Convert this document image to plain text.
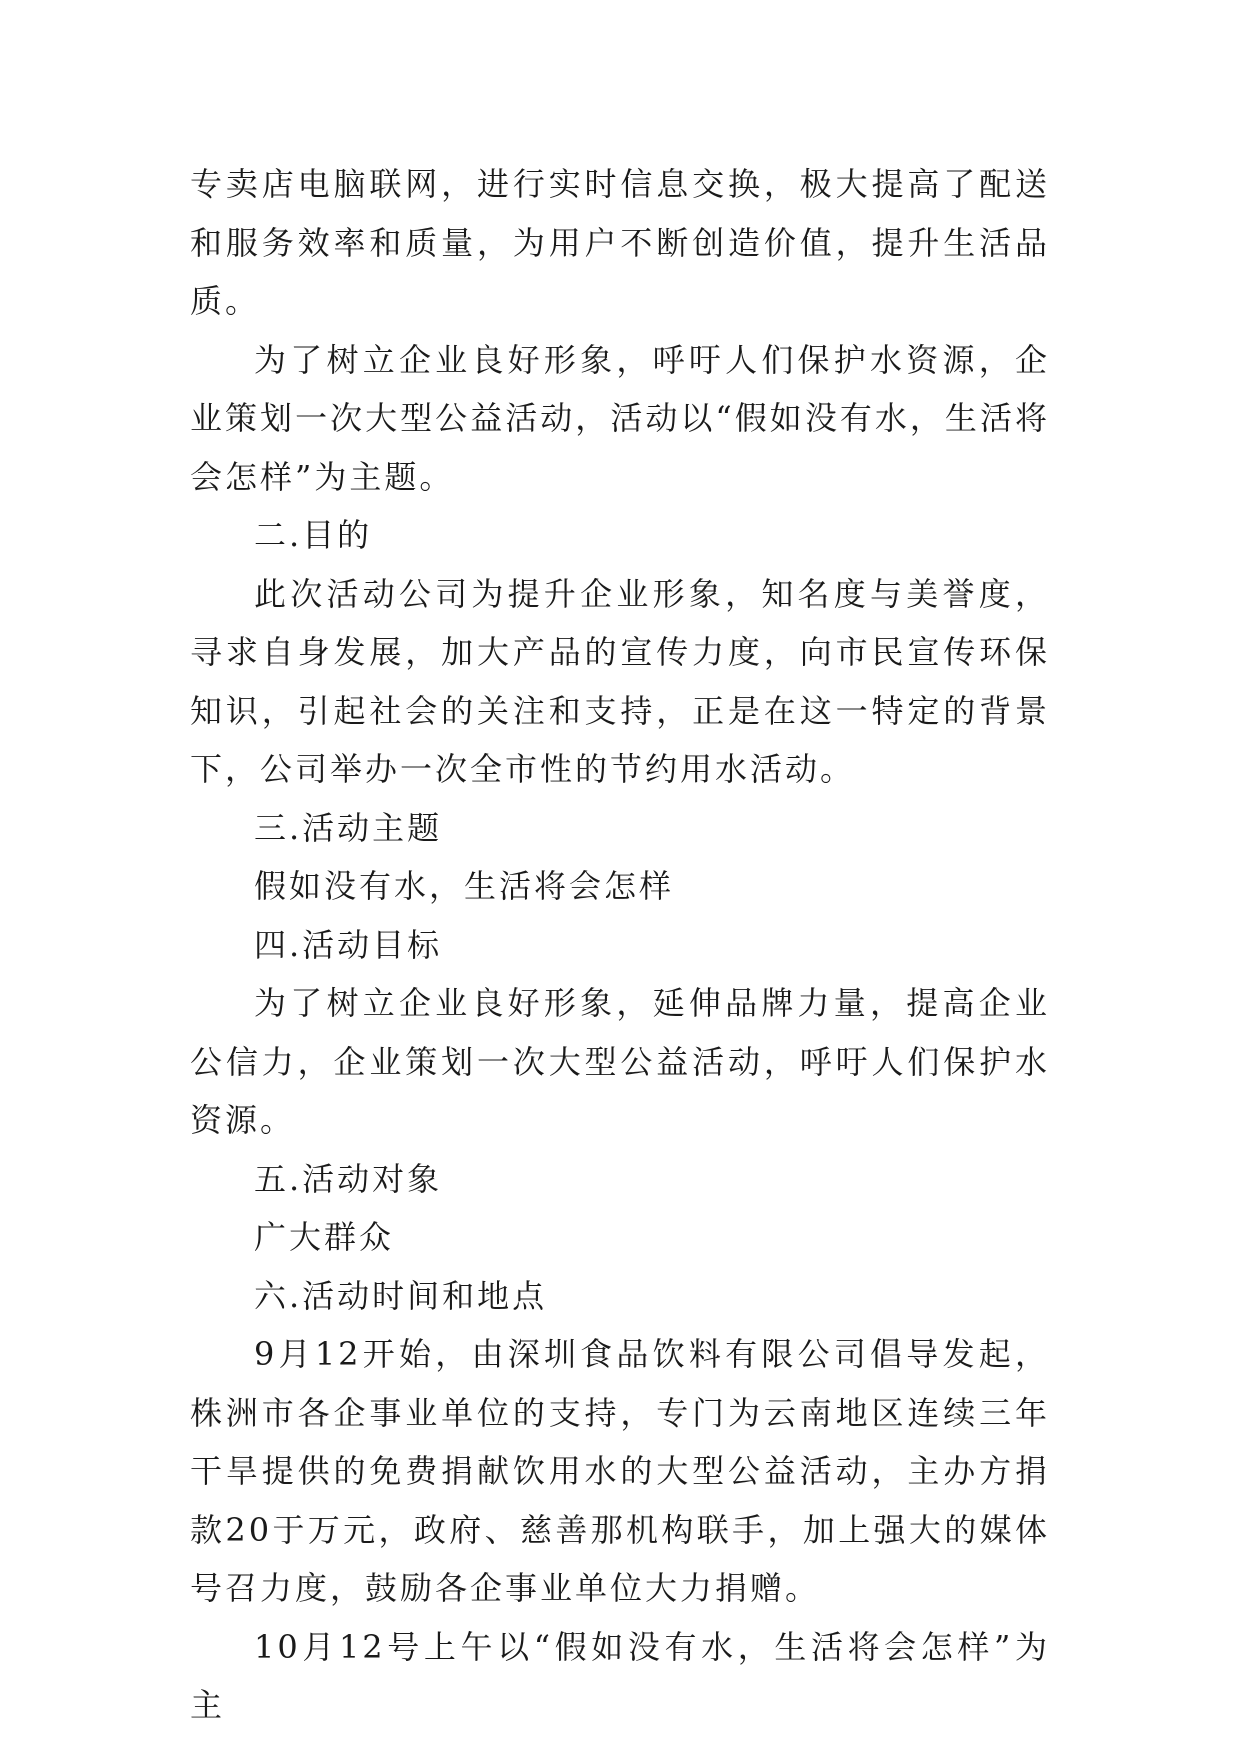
专卖店电脑联网，进行实时信息交换，极大提高了配送和服务效率和质量，为用户不断创造价值，提升生活品质。

为了树立企业良好形象，呼吁人们保护水资源，企业策划一次大型公益活动，活动以“假如没有水，生活将会怎样”为主题。

二.目的

此次活动公司为提升企业形象，知名度与美誉度，寻求自身发展，加大产品的宣传力度，向市民宣传环保知识，引起社会的关注和支持，正是在这一特定的背景下，公司举办一次全市性的节约用水活动。

三.活动主题

假如没有水，生活将会怎样

四.活动目标

为了树立企业良好形象，延伸品牌力量，提高企业公信力，企业策划一次大型公益活动，呼吁人们保护水资源。

五.活动对象

广大群众

六.活动时间和地点

9月12开始，由深圳食品饮料有限公司倡导发起，株洲市各企事业单位的支持，专门为云南地区连续三年干旱提供的免费捐献饮用水的大型公益活动，主办方捐款20于万元，政府、慈善那机构联手，加上强大的媒体号召力度，鼓励各企事业单位大力捐赠。

10月12号上午以“假如没有水，生活将会怎样”为主
